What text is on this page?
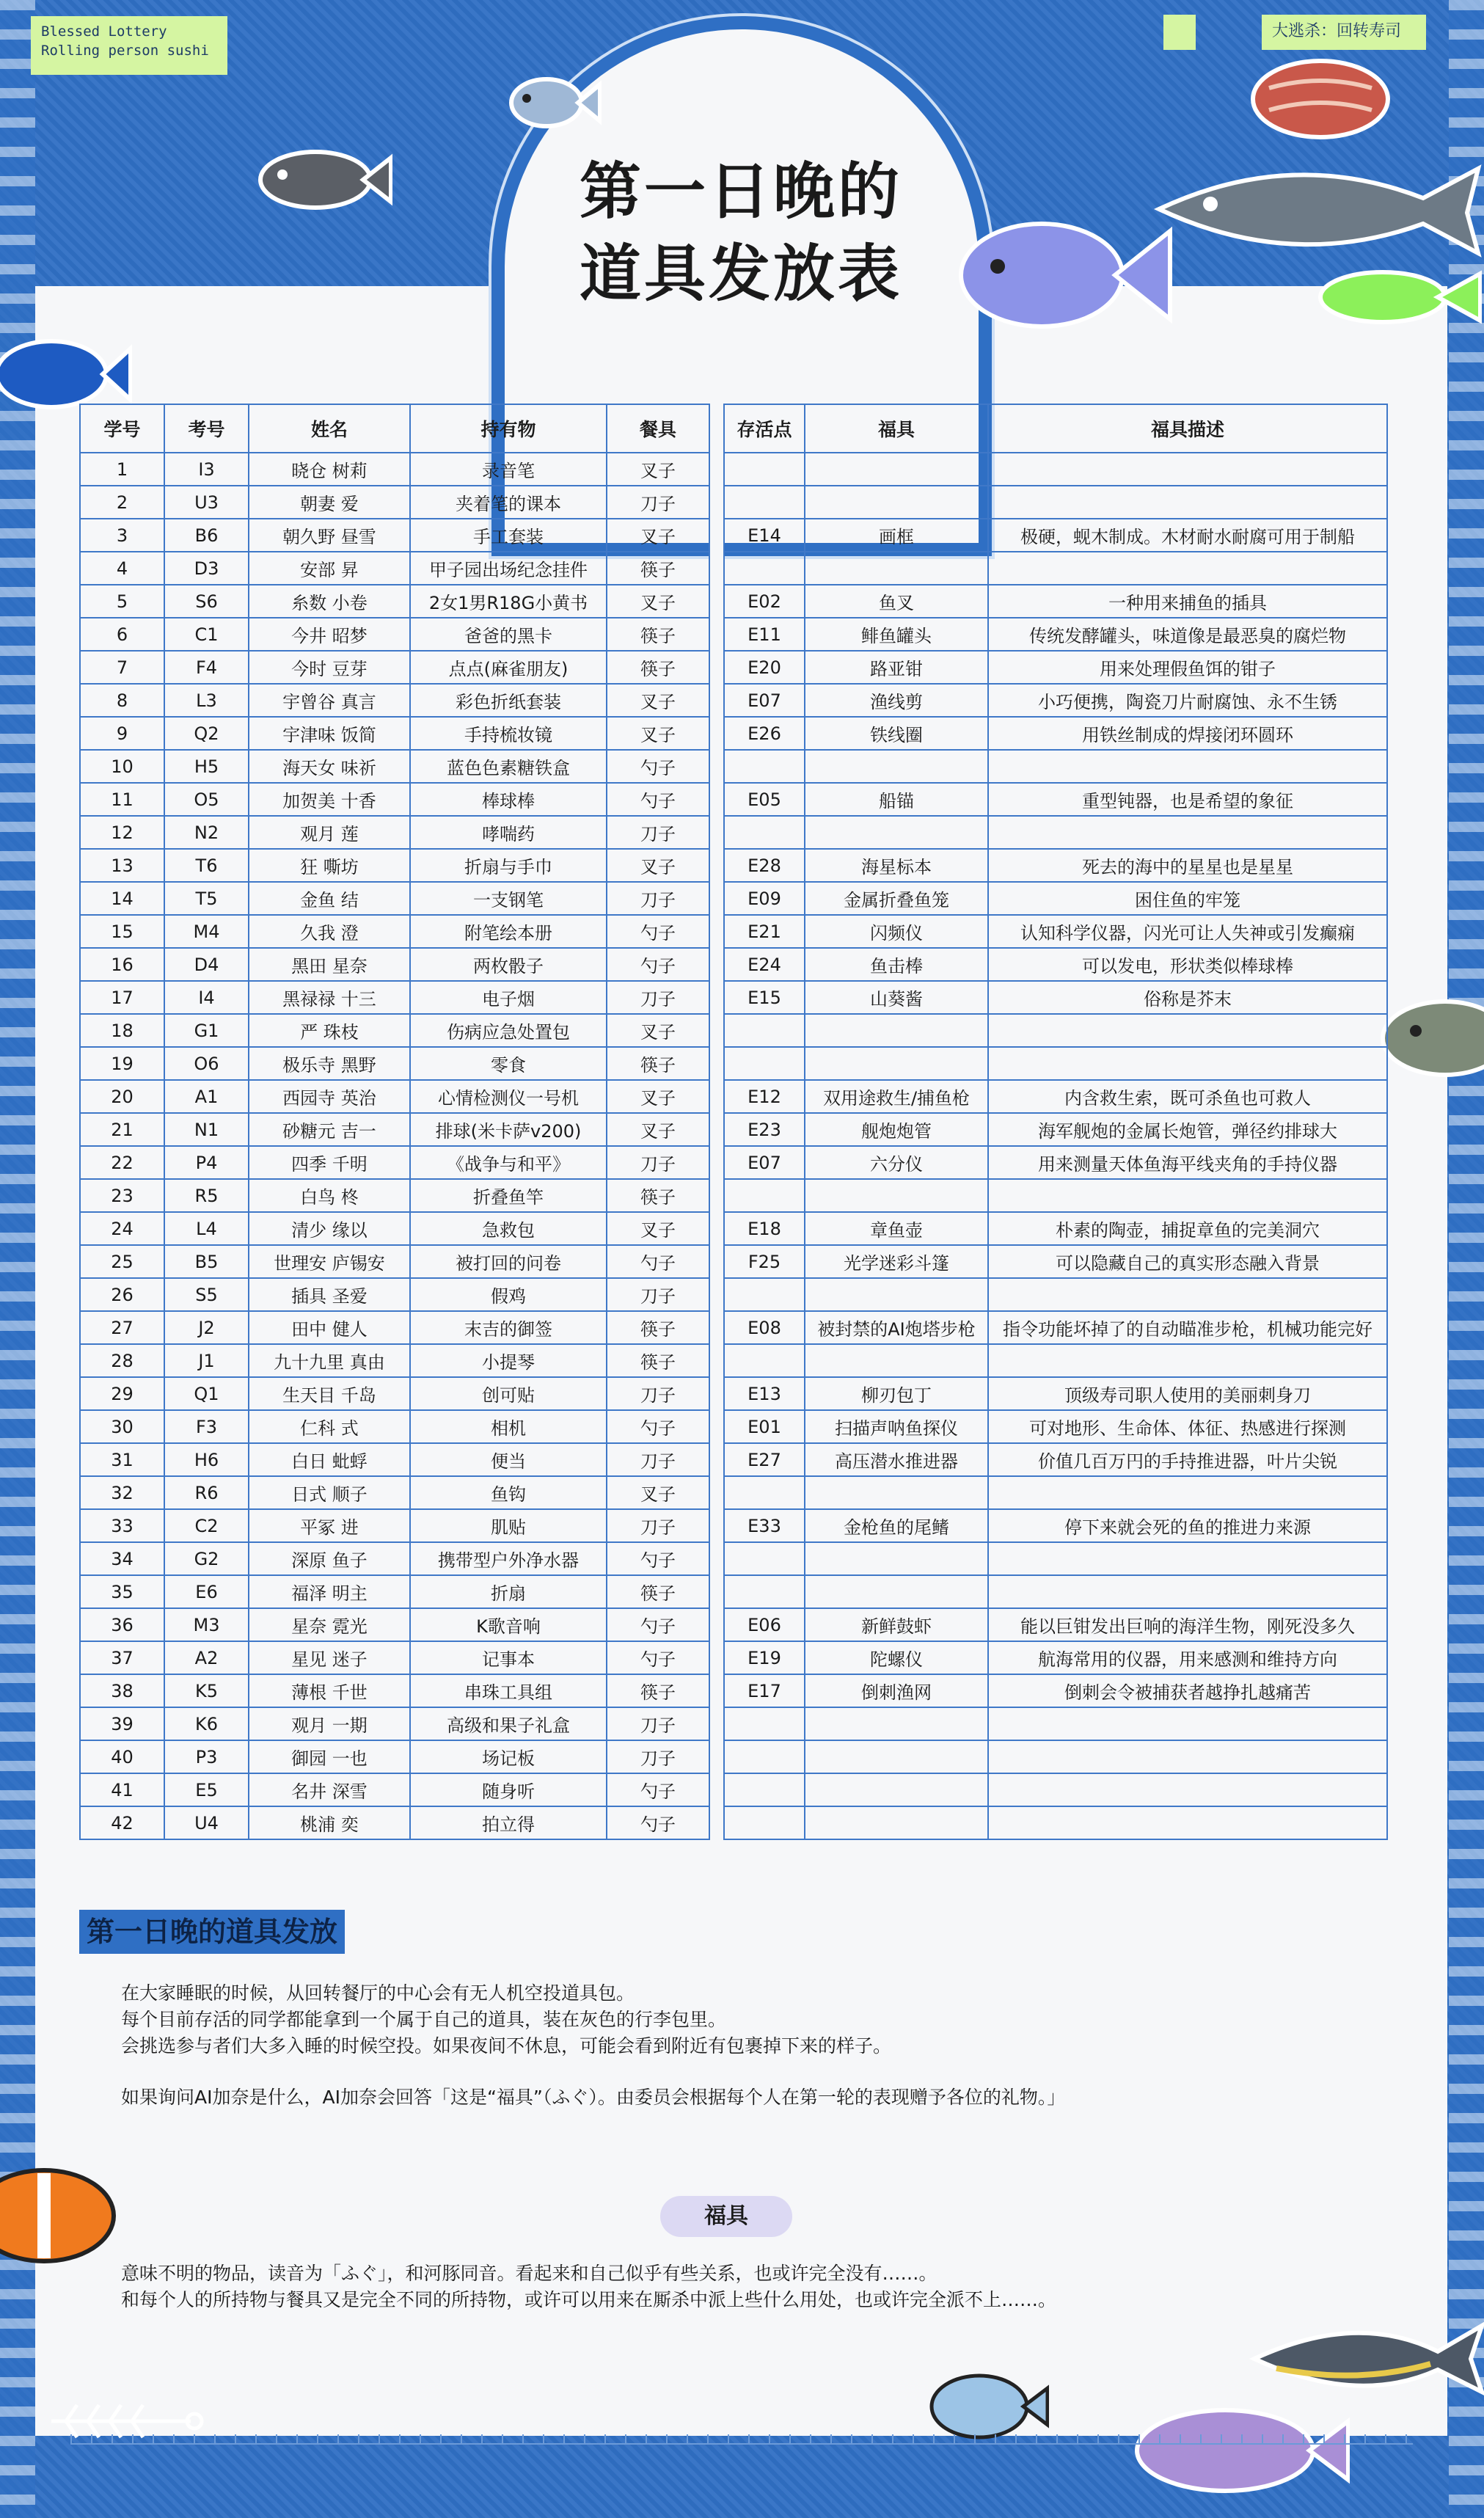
Blessed Lottery
Rolling person sushi
大逃杀：回转寿司
第一日晚的
道具发放表
学号	考号	姓名	持有物	餐具		存活点	福具	福具描述
1	I3	晓仓 树莉	录音笔	叉子				
2	U3	朝妻 爱	夹着笔的课本	刀子				
3	B6	朝久野 昼雪	手工套装	叉子		E14	画框	极硬，蚬木制成。木材耐水耐腐可用于制船
4	D3	安部 昇	甲子园出场纪念挂件	筷子				
5	S6	糸数 小卷	2女1男R18G小黄书	叉子		E02	鱼叉	一种用来捕鱼的插具
6	C1	今井 昭梦	爸爸的黑卡	筷子		E11	鲱鱼罐头	传统发酵罐头，味道像是最恶臭的腐烂物
7	F4	今时 豆芽	点点(麻雀朋友)	筷子		E20	路亚钳	用来处理假鱼饵的钳子
8	L3	宇曾谷 真言	彩色折纸套装	叉子		E07	渔线剪	小巧便携，陶瓷刀片耐腐蚀、永不生锈
9	Q2	宇津味 饭简	手持梳妆镜	叉子		E26	铁线圈	用铁丝制成的焊接闭环圆环
10	H5	海天女 味祈	蓝色色素糖铁盒	勺子				
11	O5	加贺美 十香	棒球棒	勺子		E05	船锚	重型钝器，也是希望的象征
12	N2	观月 莲	哮喘药	刀子				
13	T6	狂 嘶坊	折扇与手巾	叉子		E28	海星标本	死去的海中的星星也是星星
14	T5	金鱼 结	一支钢笔	刀子		E09	金属折叠鱼笼	困住鱼的牢笼
15	M4	久我 澄	附笔绘本册	勺子		E21	闪频仪	认知科学仪器，闪光可让人失神或引发癫痫
16	D4	黑田 星奈	两枚骰子	勺子		E24	鱼击棒	可以发电，形状类似棒球棒
17	I4	黑禄禄 十三	电子烟	刀子		E15	山葵酱	俗称是芥末
18	G1	严 珠枝	伤病应急处置包	叉子				
19	O6	极乐寺 黑野	零食	筷子				
20	A1	西园寺 英治	心情检测仪一号机	叉子		E12	双用途救生/捕鱼枪	内含救生索，既可杀鱼也可救人
21	N1	砂糖元 吉一	排球(米卡萨v200)	叉子		E23	舰炮炮管	海军舰炮的金属长炮管，弹径约排球大
22	P4	四季 千明	《战争与和平》	刀子		E07	六分仪	用来测量天体鱼海平线夹角的手持仪器
23	R5	白鸟 柊	折叠鱼竿	筷子				
24	L4	清少 缘以	急救包	叉子		E18	章鱼壶	朴素的陶壶，捕捉章鱼的完美洞穴
25	B5	世理安 庐锡安	被打回的问卷	勺子		F25	光学迷彩斗篷	可以隐藏自己的真实形态融入背景
26	S5	插具 圣爱	假鸡	刀子				
27	J2	田中 健人	末吉的御签	筷子		E08	被封禁的AI炮塔步枪	指令功能坏掉了的自动瞄准步枪，机械功能完好
28	J1	九十九里 真由	小提琴	筷子				
29	Q1	生天目 千岛	创可贴	刀子		E13	柳刃包丁	顶级寿司职人使用的美丽刺身刀
30	F3	仁科 式	相机	勺子		E01	扫描声呐鱼探仪	可对地形、生命体、体征、热感进行探测
31	H6	白日 蚍蜉	便当	刀子		E27	高压潜水推进器	价值几百万円的手持推进器，叶片尖锐
32	R6	日式 顺子	鱼钩	叉子				
33	C2	平冢 进	肌贴	刀子		E33	金枪鱼的尾鳍	停下来就会死的鱼的推进力来源
34	G2	深原 鱼子	携带型户外净水器	勺子				
35	E6	福泽 明主	折扇	筷子				
36	M3	星奈 霓光	K歌音响	勺子		E06	新鲜鼓虾	能以巨钳发出巨响的海洋生物，刚死没多久
37	A2	星见 迷子	记事本	勺子		E19	陀螺仪	航海常用的仪器，用来感测和维持方向
38	K5	薄根 千世	串珠工具组	筷子		E17	倒刺渔网	倒刺会令被捕获者越挣扎越痛苦
39	K6	观月 一期	高级和果子礼盒	刀子				
40	P3	御园 一也	场记板	刀子				
41	E5	名井 深雪	随身听	勺子				
42	U4	桃浦 奕	拍立得	勺子				
第一日晚的道具发放
在大家睡眠的时候，从回转餐厅的中心会有无人机空投道具包。
每个目前存活的同学都能拿到一个属于自己的道具，装在灰色的行李包里。
会挑选参与者们大多入睡的时候空投。如果夜间不休息，可能会看到附近有包裹掉下来的样子。
如果询问AI加奈是什么，AI加奈会回答「这是“福具”（ふぐ）。由委员会根据每个人在第一轮的表现赠予各位的礼物。」
福具
意味不明的物品，读音为「ふぐ」，和河豚同音。看起来和自己似乎有些关系，也或许完全没有……。
和每个人的所持物与餐具又是完全不同的所持物，或许可以用来在厮杀中派上些什么用处，也或许完全派不上……。
